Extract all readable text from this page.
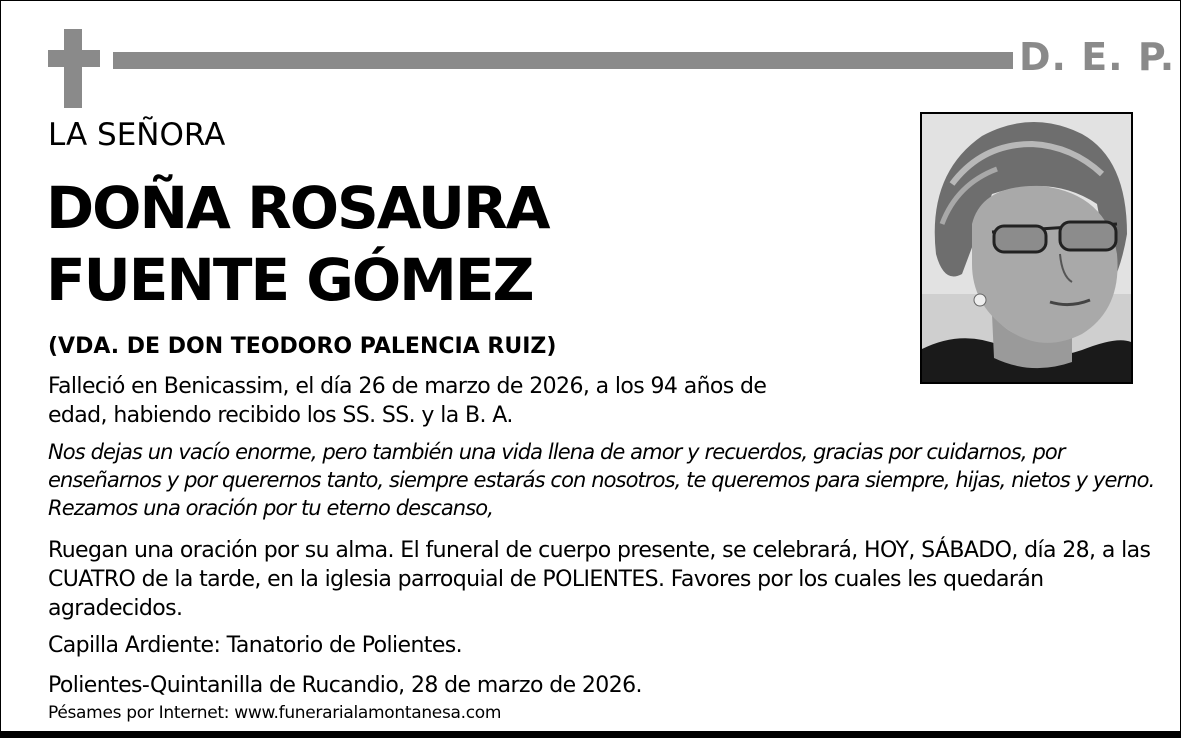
D. E. P.
LA SEÑORA
DOÑA ROSAURA
FUENTE GÓMEZ
(VDA. DE DON TEODORO PALENCIA RUIZ)
Falleció en Benicassim, el día 26 de marzo de 2026, a los 94 años de edad, habiendo recibido los SS. SS. y la B. A.
Nos dejas un vacío enorme, pero también una vida llena de amor y recuerdos, gracias por cuidarnos, por enseñarnos y por querernos tanto, siempre estarás con nosotros, te queremos para siempre, hijas, nietos y yerno. Rezamos una oración por tu eterno descanso,
Ruegan una oración por su alma. El funeral de cuerpo presente, se celebrará, HOY, SÁBADO, día 28, a las CUATRO de la tarde, en la iglesia parroquial de POLIENTES. Favores por los cuales les quedarán agradecidos.
Capilla Ardiente: Tanatorio de Polientes.
Polientes-Quintanilla de Rucandio, 28 de marzo de 2026.
Pésames por Internet: www.funerarialamontanesa.com
